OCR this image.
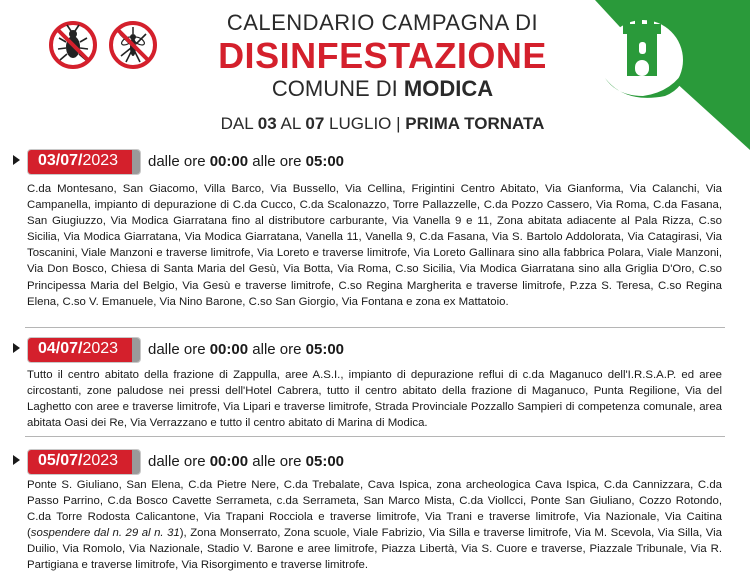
CALENDARIO CAMPAGNA DI
DISINFESTAZIONE
COMUNE DI MODICA
DAL 03 AL 07 LUGLIO | PRIMA TORNATA
03/07/2023 dalle ore 00:00 alle ore 05:00
C.da Montesano, San Giacomo, Villa Barco, Via Bussello, Via Cellina, Frigintini Centro Abitato, Via Gianforma, Via Calanchi, Via Campanella, impianto di depurazione di C.da Cucco, C.da Scalonazzo, Torre Pallazzelle, C.da Pozzo Cassero, Via Roma, C.da Fasana, San Giugiuzzo, Via Modica Giarratana fino al distributore carburante, Via Vanella 9 e 11, Zona abitata adiacente al Pala Rizza, C.so Sicilia, Via Modica Giarratana, Via Modica Giarratana, Vanella 11, Vanella 9, C.da Fasana, Via S. Bartolo Addolorata, Via Catagirasi, Via Toscanini, Viale Manzoni e traverse limitrofe, Via Loreto e traverse limitrofe, Via Loreto Gallinara sino alla fabbrica Polara, Viale Manzoni, Via Don Bosco, Chiesa di Santa Maria del Gesù, Via Botta, Via Roma, C.so Sicilia, Via Modica Giarratana sino alla Griglia D'Oro, C.so Principessa Maria del Belgio, Via Gesù e traverse limitrofe, C.so Regina Margherita e traverse limitrofe, P.zza S. Teresa, C.so Regina Elena, C.so V. Emanuele, Via Nino Barone, C.so San Giorgio, Via Fontana e zona ex Mattatoio.
04/07/2023 dalle ore 00:00 alle ore 05:00
Tutto il centro abitato della frazione di Zappulla, aree A.S.I., impianto di depurazione reflui di c.da Maganuco dell'I.R.S.A.P. ed aree circostanti, zone paludose nei pressi dell'Hotel Cabrera, tutto il centro abitato della frazione di Maganuco, Punta Regilione, Via del Laghetto con aree e traverse limitrofe, Via Lipari e traverse limitrofe, Strada Provinciale Pozzallo Sampieri di competenza comunale, area abitata Oasi dei Re, Via Verrazzano e tutto il centro abitato di Marina di Modica.
05/07/2023 dalle ore 00:00 alle ore 05:00
Ponte S. Giuliano, San Elena, C.da Pietre Nere, C.da Trebalate, Cava Ispica, zona archeologica Cava Ispica, C.da Cannizzara, C.da Passo Parrino, C.da Bosco Cavette Serrameta, c.da Serrameta, San Marco Mista, C.da Viollcci, Ponte San Giuliano, Cozzo Rotondo, C.da Torre Rodosta Calicantone, Via Trapani Rocciola e traverse limitrofe, Via Trani e traverse limitrofe, Via Nazionale, Via Caitina (sospendere dal n. 29 al n. 31), Zona Monserrato, Zona scuole, Viale Fabrizio, Via Silla e traverse limitrofe, Via M. Scevola, Via Silla, Via Duilio, Via Romolo, Via Nazionale, Stadio V. Barone e aree limitrofe, Piazza Libertà, Via S. Cuore e traverse, Piazzale Tribunale, Via R. Partigiana e traverse limitrofe, Via Risorgimento e traverse limitrofe.
